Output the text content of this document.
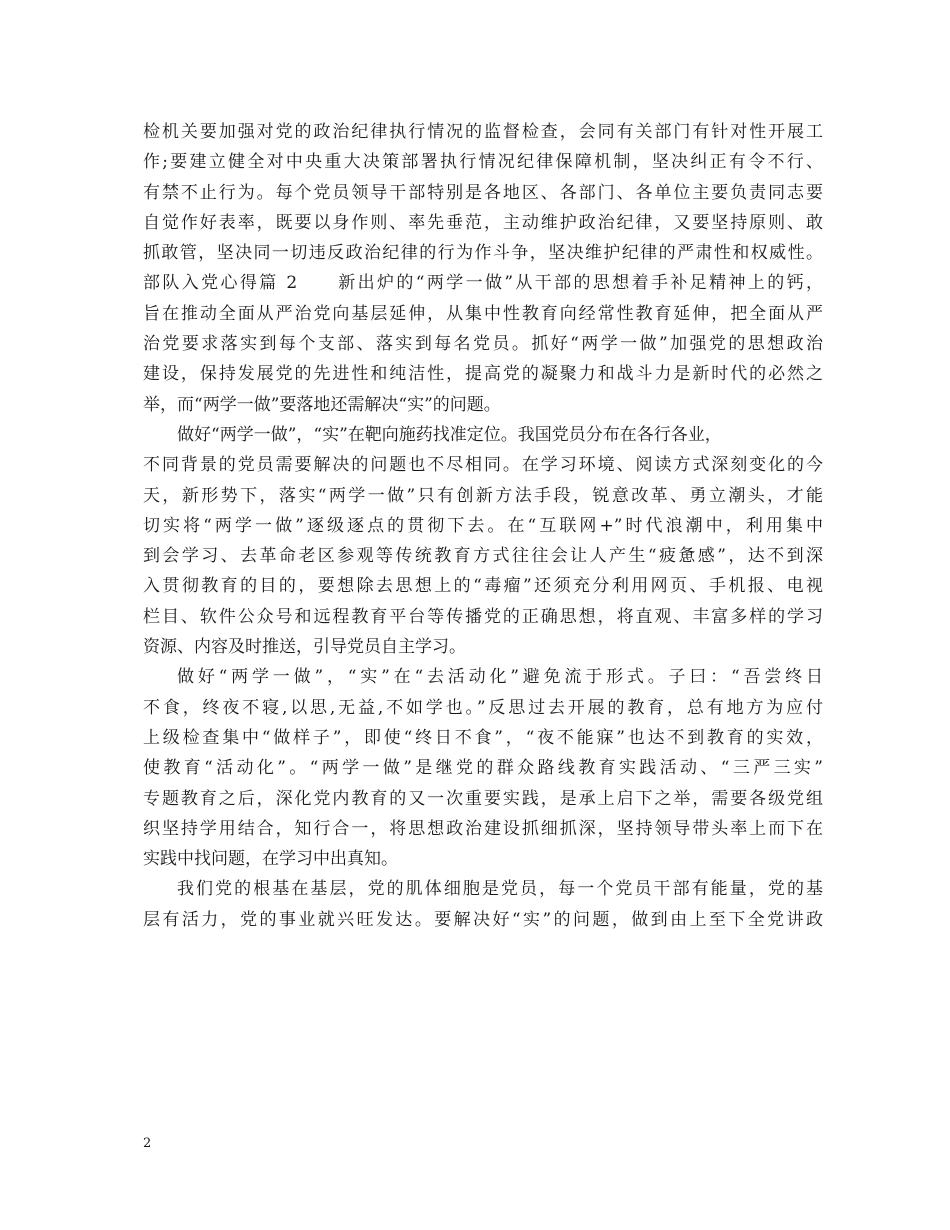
检机关要加强对党的政治纪律执行情况的监督检查，会同有关部门有针对性开展工
作;要建立健全对中央重大决策部署执行情况纪律保障机制，坚决纠正有令不行、
有禁不止行为。每个党员领导干部特别是各地区、各部门、各单位主要负责同志要
自觉作好表率，既要以身作则、率先垂范，主动维护政治纪律，又要坚持原则、敢
抓敢管，坚决同一切违反政治纪律的行为作斗争，坚决维护纪律的严肃性和权威性。
部队入党心得篇 2　　新出炉的“两学一做”从干部的思想着手补足精神上的钙，
旨在推动全面从严治党向基层延伸，从集中性教育向经常性教育延伸，把全面从严
治党要求落实到每个支部、落实到每名党员。抓好“两学一做”加强党的思想政治
建设，保持发展党的先进性和纯洁性，提高党的凝聚力和战斗力是新时代的必然之
举，而“两学一做”要落地还需解决“实”的问题。
做好“两学一做”，“实”在靶向施药找准定位。我国党员分布在各行各业，
不同背景的党员需要解决的问题也不尽相同。在学习环境、阅读方式深刻变化的今
天，新形势下，落实“两学一做”只有创新方法手段，锐意改革、勇立潮头，才能
切实将“两学一做”逐级逐点的贯彻下去。在“互联网+”时代浪潮中，利用集中
到会学习、去革命老区参观等传统教育方式往往会让人产生“疲惫感”，达不到深
入贯彻教育的目的，要想除去思想上的“毒瘤”还须充分利用网页、手机报、电视
栏目、软件公众号和远程教育平台等传播党的正确思想，将直观、丰富多样的学习
资源、内容及时推送，引导党员自主学习。
做好“两学一做”，“实”在“去活动化”避免流于形式。子曰：“吾尝终日
不食，终夜不寝,以思,无益,不如学也。”反思过去开展的教育，总有地方为应付
上级检查集中“做样子”，即使“终日不食”，“夜不能寐”也达不到教育的实效，
使教育“活动化”。“两学一做”是继党的群众路线教育实践活动、“三严三实”
专题教育之后，深化党内教育的又一次重要实践，是承上启下之举，需要各级党组
织坚持学用结合，知行合一，将思想政治建设抓细抓深，坚持领导带头率上而下在
实践中找问题，在学习中出真知。
我们党的根基在基层，党的肌体细胞是党员，每一个党员干部有能量，党的基
层有活力，党的事业就兴旺发达。要解决好“实”的问题，做到由上至下全党讲政
2
